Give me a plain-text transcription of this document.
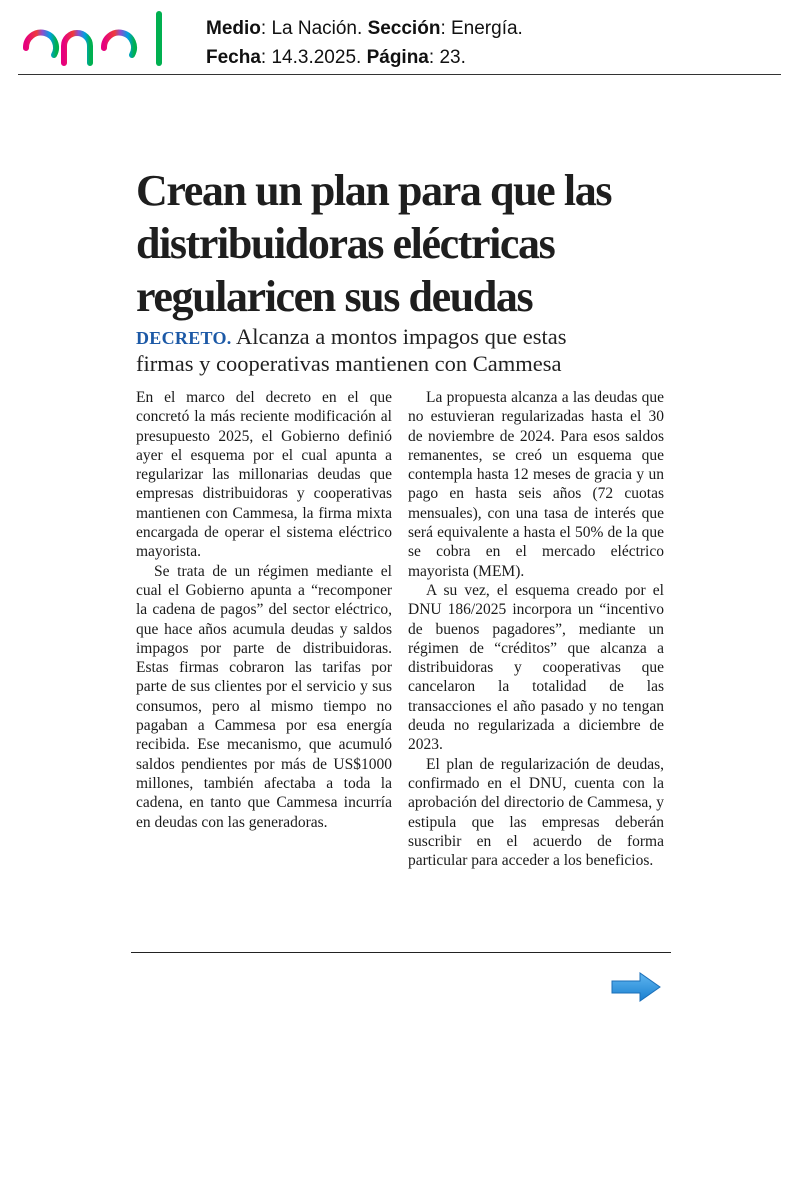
Medio: La Nación. Sección: Energía.
Fecha: 14.3.2025. Página: 23.
Crean un plan para que las
distribuidoras eléctricas
regularicen sus deudas
DECRETO. Alcanza a montos impagos que estas
firmas y cooperativas mantienen con Cammesa

En el marco del decreto en el que concretó la más reciente modificación al presupuesto 2025, el Gobierno definió ayer el esquema por el cual apunta a regularizar las millonarias deudas que empresas distribuidoras y cooperativas mantienen con Cammesa, la firma mixta encargada de operar el sistema eléctrico mayorista.

Se trata de un régimen mediante el cual el Gobierno apunta a “recomponer la cadena de pagos” del sector eléctrico, que hace años acumula deudas y saldos impagos por parte de distribuidoras. Estas firmas cobraron las tarifas por parte de sus clientes por el servicio y sus consumos, pero al mismo tiempo no pagaban a Cammesa por esa energía recibida. Ese mecanismo, que acumuló saldos pendientes por más de US$1000 millones, también afectaba a toda la cadena, en tanto que Cammesa incurría en deudas con las generadoras.

La propuesta alcanza a las deudas que no estuvieran regularizadas hasta el 30 de noviembre de 2024. Para esos saldos remanentes, se creó un esquema que contempla hasta 12 meses de gracia y un pago en hasta seis años (72 cuotas mensuales), con una tasa de interés que será equivalente a hasta el 50% de la que se cobra en el mercado eléctrico mayorista (MEM).

A su vez, el esquema creado por el DNU 186/2025 incorpora un “incentivo de buenos pagadores”, mediante un régimen de “créditos” que alcanza a distribuidoras y cooperativas que cancelaron la totalidad de las transacciones el año pasado y no tengan deuda no regularizada a diciembre de 2023.

El plan de regularización de deudas, confirmado en el DNU, cuenta con la aprobación del directorio de Cammesa, y estipula que las empresas deberán suscribir en el acuerdo de forma particular para acceder a los beneficios.
